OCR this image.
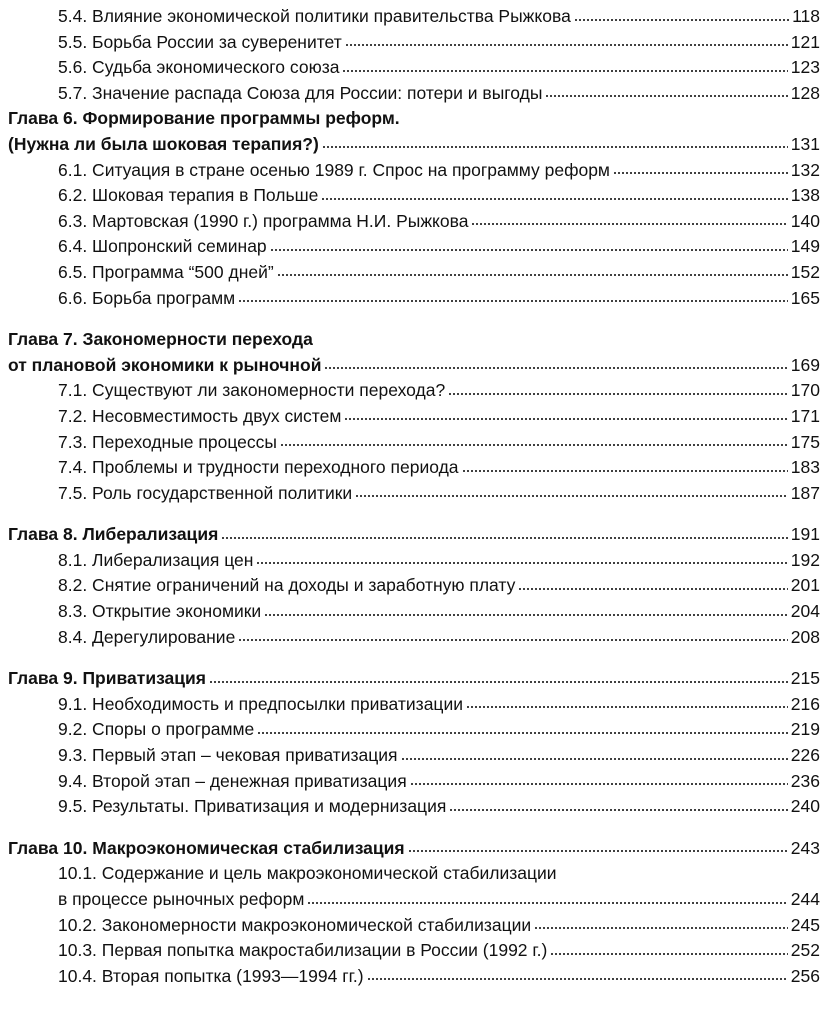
5.4. Влияние экономической политики правительства Рыжкова	118
5.5. Борьба России за суверенитет	121
5.6. Судьба экономического союза	123
5.7. Значение распада Союза для России: потери и выгоды	128
Глава 6. Формирование программы реформ.
(Нужна ли была шоковая терапия?)	131
6.1. Ситуация в стране осенью 1989 г. Спрос на программу реформ	132
6.2. Шоковая терапия в Польше	138
6.3. Мартовская (1990 г.) программа Н.И. Рыжкова	140
6.4. Шопронский семинар	149
6.5. Программа “500 дней”	152
6.6. Борьба программ	165
Глава 7. Закономерности перехода
от плановой экономики к рыночной	169
7.1. Существуют ли закономерности перехода?	170
7.2. Несовместимость двух систем	171
7.3. Переходные процессы	175
7.4. Проблемы и трудности переходного периода	183
7.5. Роль государственной политики	187
Глава 8. Либерализация	191
8.1. Либерализация цен	192
8.2. Снятие ограничений на доходы и заработную плату	201
8.3. Открытие экономики	204
8.4. Дерегулирование	208
Глава 9. Приватизация	215
9.1. Необходимость и предпосылки приватизации	216
9.2. Споры о программе	219
9.3. Первый этап – чековая приватизация	226
9.4. Второй этап – денежная приватизация	236
9.5. Результаты. Приватизация и модернизация	240
Глава 10. Макроэкономическая стабилизация	243
10.1. Содержание и цель макроэкономической стабилизации
в процессе рыночных реформ	244
10.2. Закономерности макроэкономической стабилизации	245
10.3. Первая попытка макростабилизации в России (1992 г.)	252
10.4. Вторая попытка (1993—1994 гг.)	256
